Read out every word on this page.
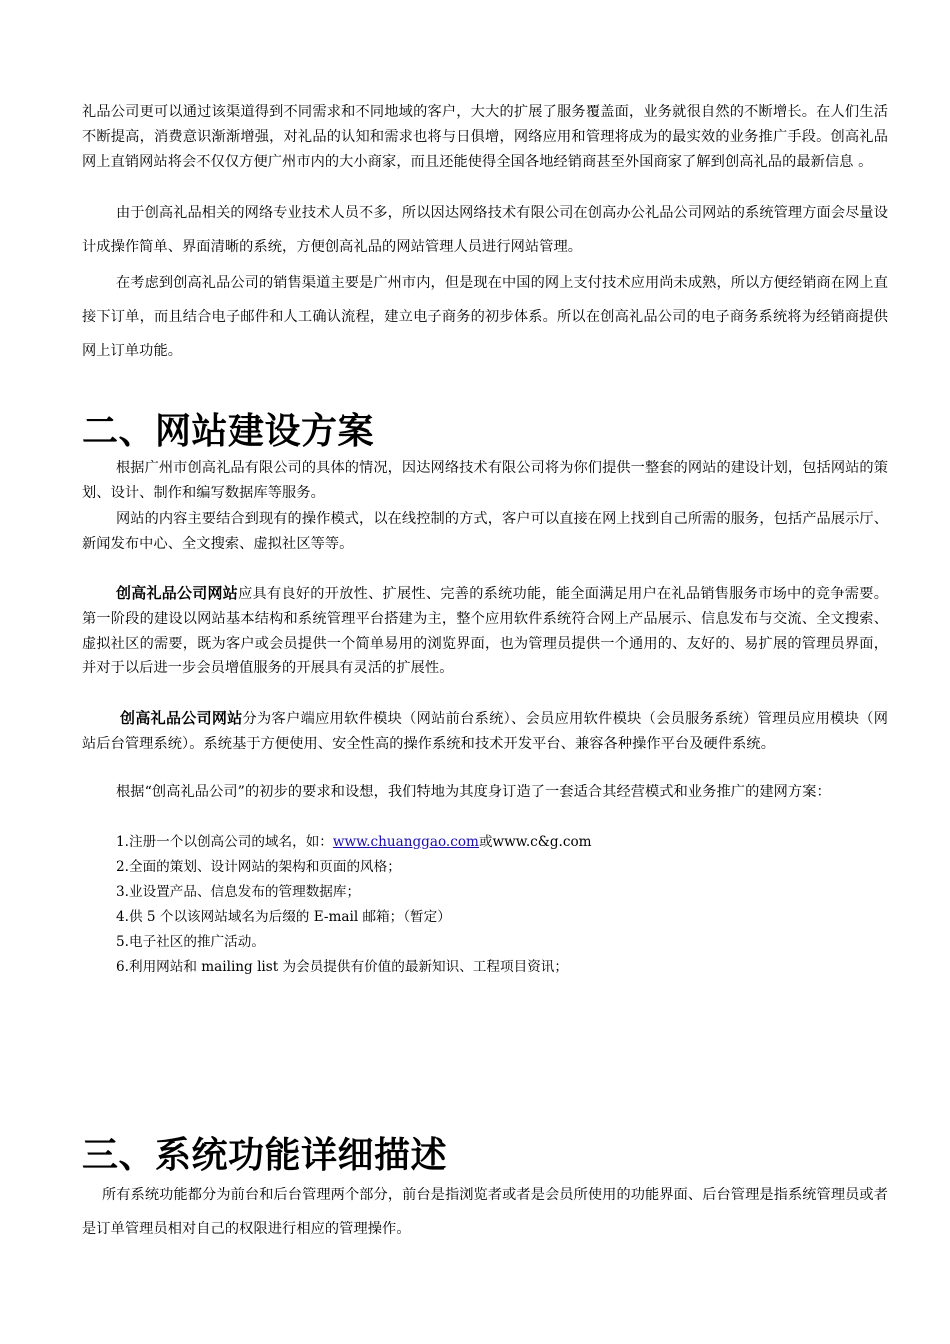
礼品公司更可以通过该渠道得到不同需求和不同地域的客户，大大的扩展了服务覆盖面，业务就很自然的不断增长。在人们生活不断提高，消费意识渐渐增强，对礼品的认知和需求也将与日俱增，网络应用和管理将成为的最实效的业务推广手段。创高礼品网上直销网站将会不仅仅方便广州市内的大小商家，而且还能使得全国各地经销商甚至外国商家了解到创高礼品的最新信息 。

由于创高礼品相关的网络专业技术人员不多，所以因达网络技术有限公司在创高办公礼品公司网站的系统管理方面会尽量设计成操作简单、界面清晰的系统，方便创高礼品的网站管理人员进行网站管理。

在考虑到创高礼品公司的销售渠道主要是广州市内，但是现在中国的网上支付技术应用尚未成熟，所以方便经销商在网上直接下订单，而且结合电子邮件和人工确认流程，建立电子商务的初步体系。所以在创高礼品公司的电子商务系统将为经销商提供网上订单功能。

二、网站建设方案

根据广州市创高礼品有限公司的具体的情况，因达网络技术有限公司将为你们提供一整套的网站的建设计划，包括网站的策划、设计、制作和编写数据库等服务。

网站的内容主要结合到现有的操作模式，以在线控制的方式，客户可以直接在网上找到自己所需的服务，包括产品展示厅、新闻发布中心、全文搜索、虚拟社区等等。

创高礼品公司网站应具有良好的开放性、扩展性、完善的系统功能，能全面满足用户在礼品销售服务市场中的竞争需要。第一阶段的建设以网站基本结构和系统管理平台搭建为主，整个应用软件系统符合网上产品展示、信息发布与交流、全文搜索、虚拟社区的需要，既为客户或会员提供一个简单易用的浏览界面，也为管理员提供一个通用的、友好的、易扩展的管理员界面，并对于以后进一步会员增值服务的开展具有灵活的扩展性。

创高礼品公司网站分为客户端应用软件模块（网站前台系统）、会员应用软件模块（会员服务系统）管理员应用模块（网站后台管理系统）。系统基于方便使用、安全性高的操作系统和技术开发平台、兼容各种操作平台及硬件系统。

根据“创高礼品公司”的初步的要求和设想，我们特地为其度身订造了一套适合其经营模式和业务推广的建网方案：

1.注册一个以创高公司的域名，如：www.chuanggao.com或www.c&g.com

2.全面的策划、设计网站的架构和页面的风格；

3.业设置产品、信息发布的管理数据库；

4.供 5 个以该网站域名为后缀的 E-mail 邮箱；（暂定）

5.电子社区的推广活动。

6.利用网站和 mailing list 为会员提供有价值的最新知识、工程项目资讯；

三、系统功能详细描述

所有系统功能都分为前台和后台管理两个部分，前台是指浏览者或者是会员所使用的功能界面、后台管理是指系统管理员或者是订单管理员相对自己的权限进行相应的管理操作。
